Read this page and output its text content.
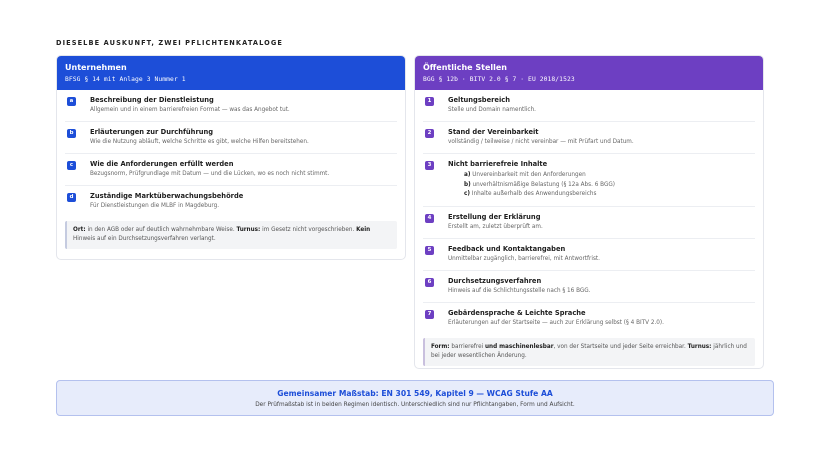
DIESELBE AUSKUNFT, ZWEI PFLICHTENKATALOGE
Unternehmen
BFSG § 14 mit Anlage 3 Nummer 1
a	Beschreibung der Dienstleistung
Allgemein und in einem barrierefreien Format — was das Angebot tut.
b	Erläuterungen zur Durchführung
Wie die Nutzung abläuft, welche Schritte es gibt, welche Hilfen bereitstehen.
c	Wie die Anforderungen erfüllt werden
Bezugsnorm, Prüfgrundlage mit Datum — und die Lücken, wo es noch nicht stimmt.
d	Zuständige Marktüberwachungsbehörde
Für Dienstleistungen die MLBF in Magdeburg.
Ort: in den AGB oder auf deutlich wahrnehmbare Weise. Turnus: im Gesetz nicht vorgeschrieben. Kein Hinweis auf ein Durchsetzungsverfahren verlangt.
Öffentliche Stellen
BGG § 12b · BITV 2.0 § 7 · EU 2018/1523
1	Geltungsbereich
Stelle und Domain namentlich.
2	Stand der Vereinbarkeit
vollständig / teilweise / nicht vereinbar — mit Prüfart und Datum.
3	Nicht barrierefreie Inhalte
a) Unvereinbarkeit mit den Anforderungen
b) unverhältnismäßige Belastung (§ 12a Abs. 6 BGG)
c) Inhalte außerhalb des Anwendungsbereichs
4	Erstellung der Erklärung
Erstellt am, zuletzt überprüft am.
5	Feedback und Kontaktangaben
Unmittelbar zugänglich, barrierefrei, mit Antwortfrist.
6	Durchsetzungsverfahren
Hinweis auf die Schlichtungsstelle nach § 16 BGG.
7	Gebärdensprache & Leichte Sprache
Erläuterungen auf der Startseite — auch zur Erklärung selbst (§ 4 BITV 2.0).
Form: barrierefrei und maschinenlesbar, von der Startseite und jeder Seite erreichbar. Turnus: jährlich und bei jeder wesentlichen Änderung.
Gemeinsamer Maßstab: EN 301 549, Kapitel 9 — WCAG Stufe AA
Der Prüfmaßstab ist in beiden Regimen identisch. Unterschiedlich sind nur Pflichtangaben, Form und Aufsicht.
